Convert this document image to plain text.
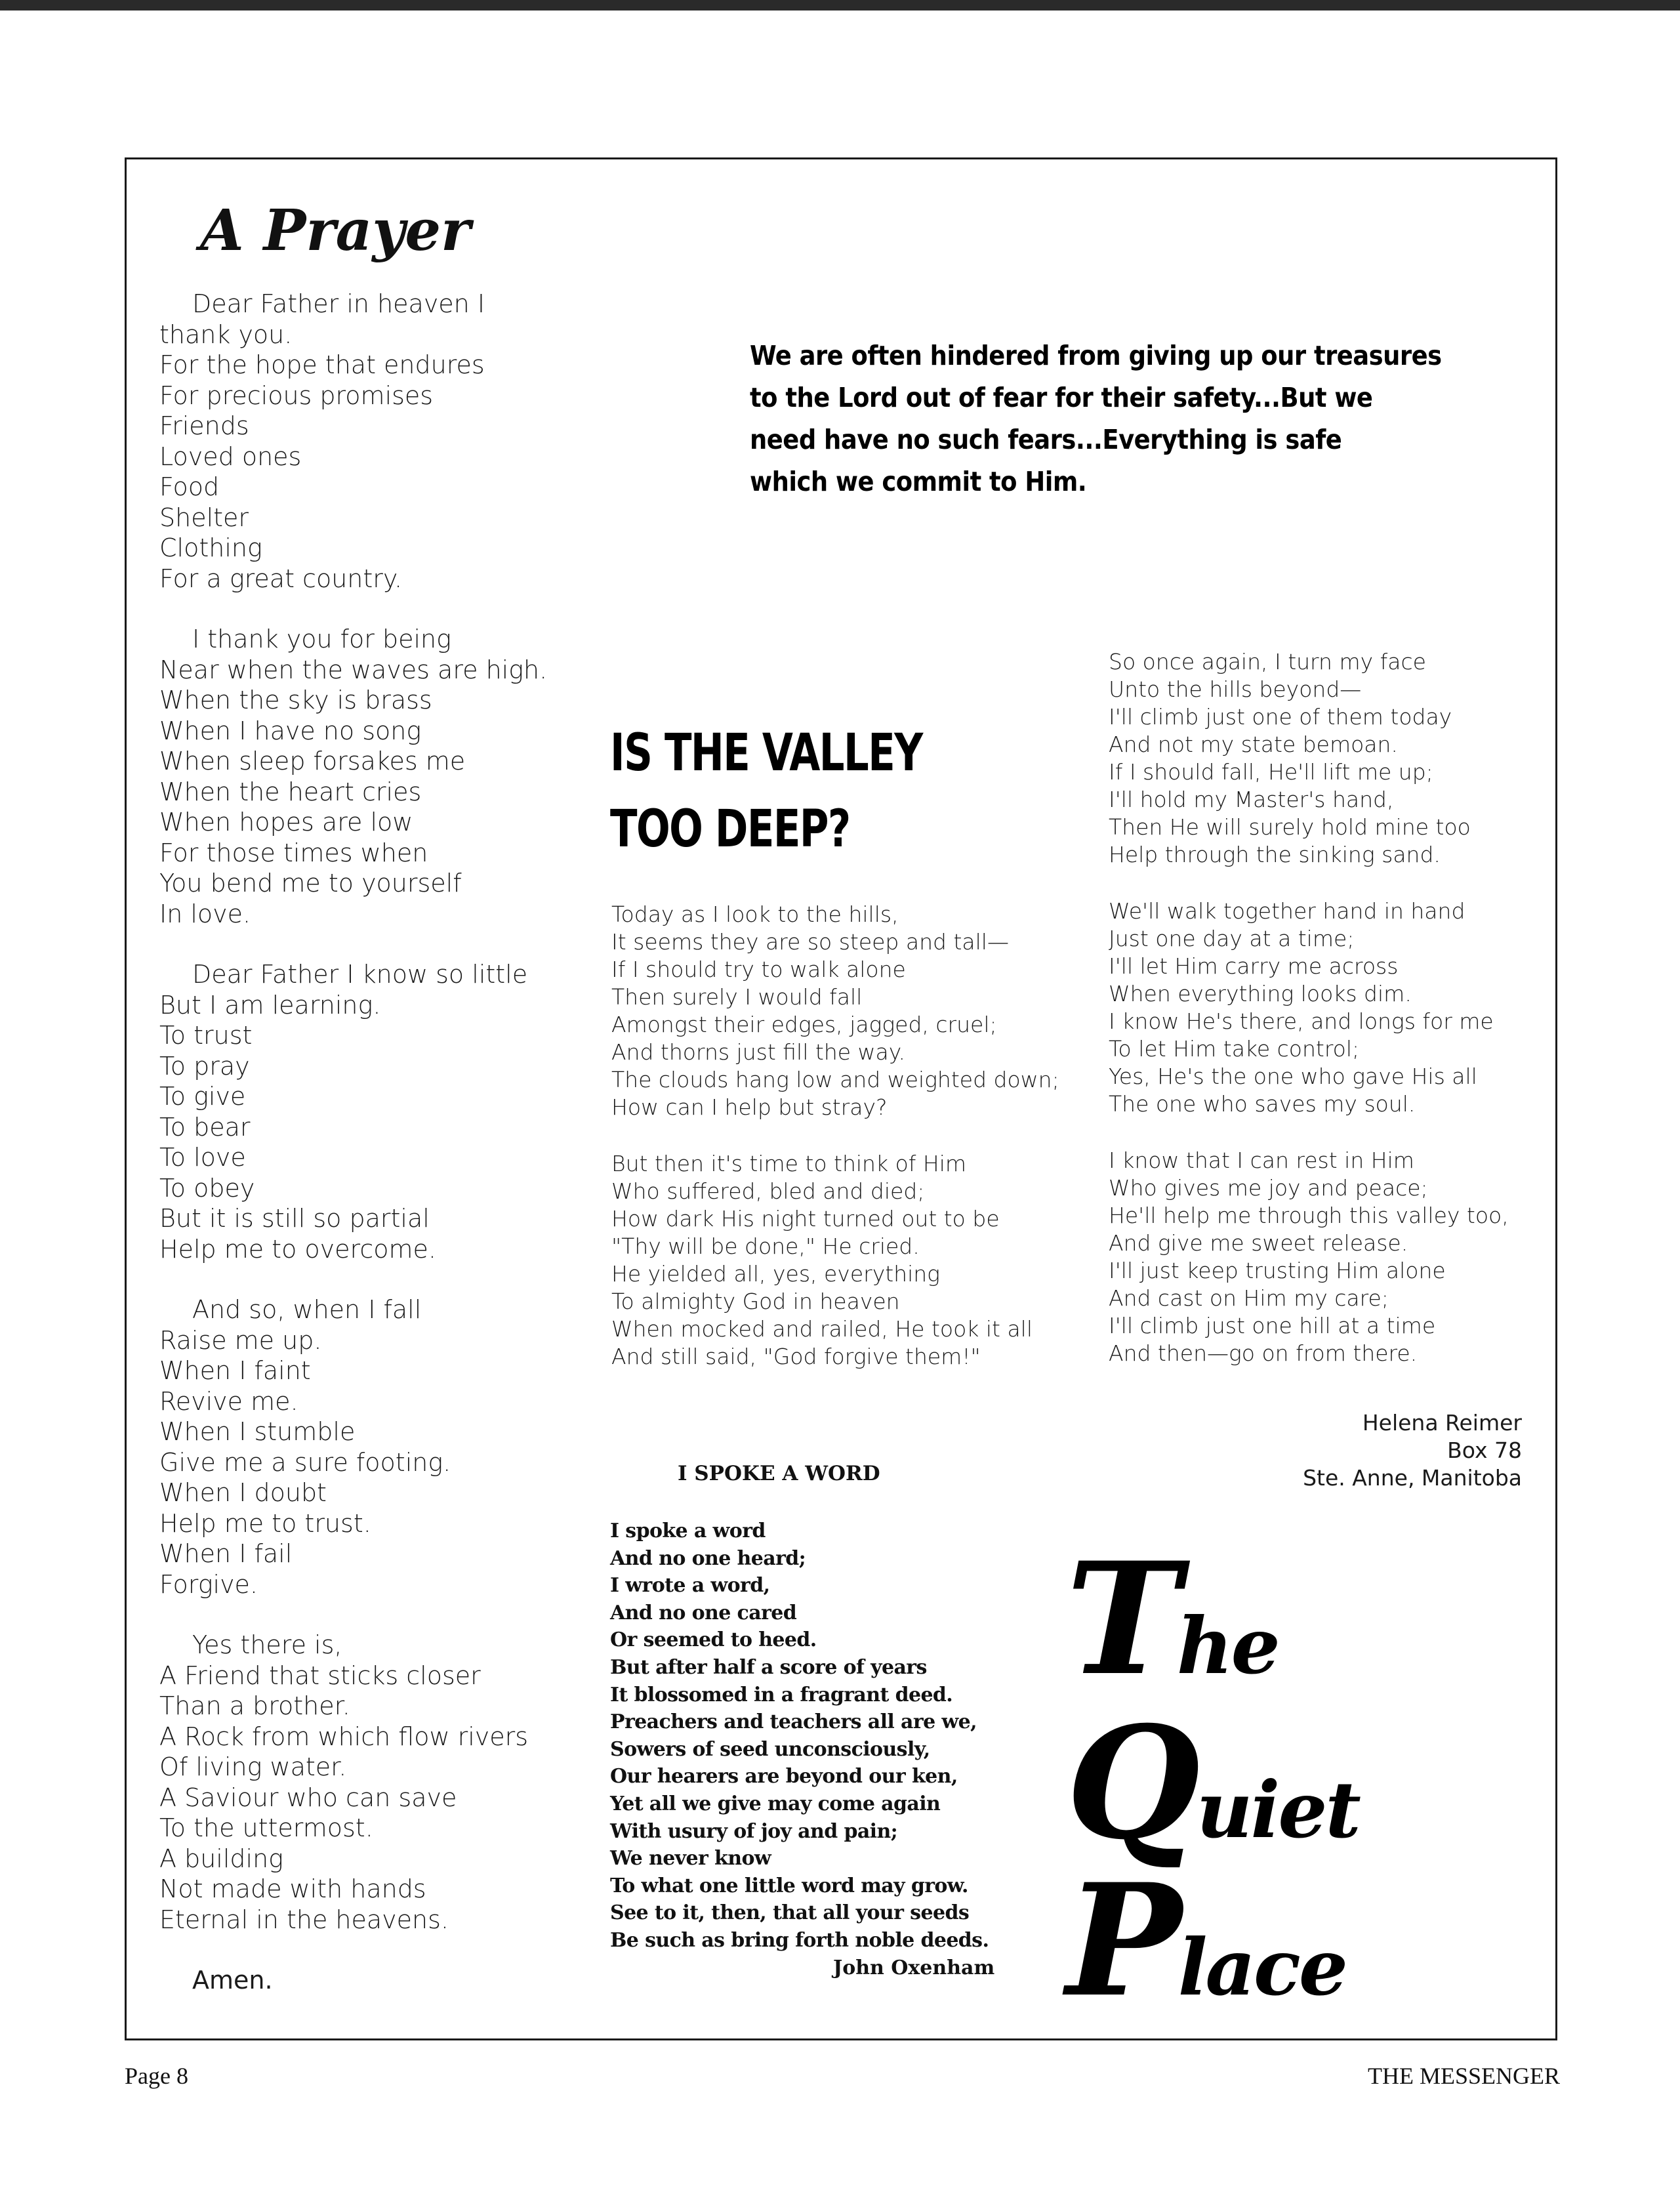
A Prayer
Dear Father in heaven I
thank you.
For the hope that endures
For precious promises
Friends
Loved ones
Food
Shelter
Clothing
For a great country.
I thank you for being
Near when the waves are high.
When the sky is brass
When I have no song
When sleep forsakes me
When the heart cries
When hopes are low
For those times when
You bend me to yourself
In love.
Dear Father I know so little
But I am learning.
To trust
To pray
To give
To bear
To love
To obey
But it is still so partial
Help me to overcome.
And so, when I fall
Raise me up.
When I faint
Revive me.
When I stumble
Give me a sure footing.
When I doubt
Help me to trust.
When I fail
Forgive.
Yes there is,
A Friend that sticks closer
Than a brother.
A Rock from which flow rivers
Of living water.
A Saviour who can save
To the uttermost.
A building
Not made with hands
Eternal in the heavens.
Amen.
We are often hindered from giving up our treasures
to the Lord out of fear for their safety...But we
need have no such fears...Everything is safe
which we commit to Him.
IS THE VALLEY
TOO DEEP?
Today as I look to the hills,
It seems they are so steep and tall—
If I should try to walk alone
Then surely I would fall
Amongst their edges, jagged, cruel;
And thorns just fill the way.
The clouds hang low and weighted down;
How can I help but stray?
But then it's time to think of Him
Who suffered, bled and died;
How dark His night turned out to be
"Thy will be done," He cried.
He yielded all, yes, everything
To almighty God in heaven
When mocked and railed, He took it all
And still said, "God forgive them!"
So once again, I turn my face
Unto the hills beyond—
I'll climb just one of them today
And not my state bemoan.
If I should fall, He'll lift me up;
I'll hold my Master's hand,
Then He will surely hold mine too
Help through the sinking sand.
We'll walk together hand in hand
Just one day at a time;
I'll let Him carry me across
When everything looks dim.
I know He's there, and longs for me
To let Him take control;
Yes, He's the one who gave His all
The one who saves my soul.
I know that I can rest in Him
Who gives me joy and peace;
He'll help me through this valley too,
And give me sweet release.
I'll just keep trusting Him alone
And cast on Him my care;
I'll climb just one hill at a time
And then—go on from there.
Helena Reimer
Box 78
Ste. Anne, Manitoba
I SPOKE A WORD
I spoke a word
And no one heard;
I wrote a word,
And no one cared
Or seemed to heed.
But after half a score of years
It blossomed in a fragrant deed.
Preachers and teachers all are we,
Sowers of seed unconsciously,
Our hearers are beyond our ken,
Yet all we give may come again
With usury of joy and pain;
We never know
To what one little word may grow.
See to it, then, that all your seeds
Be such as bring forth noble deeds.
John Oxenham
The
Quiet
Place
Page 8	THE MESSENGER
